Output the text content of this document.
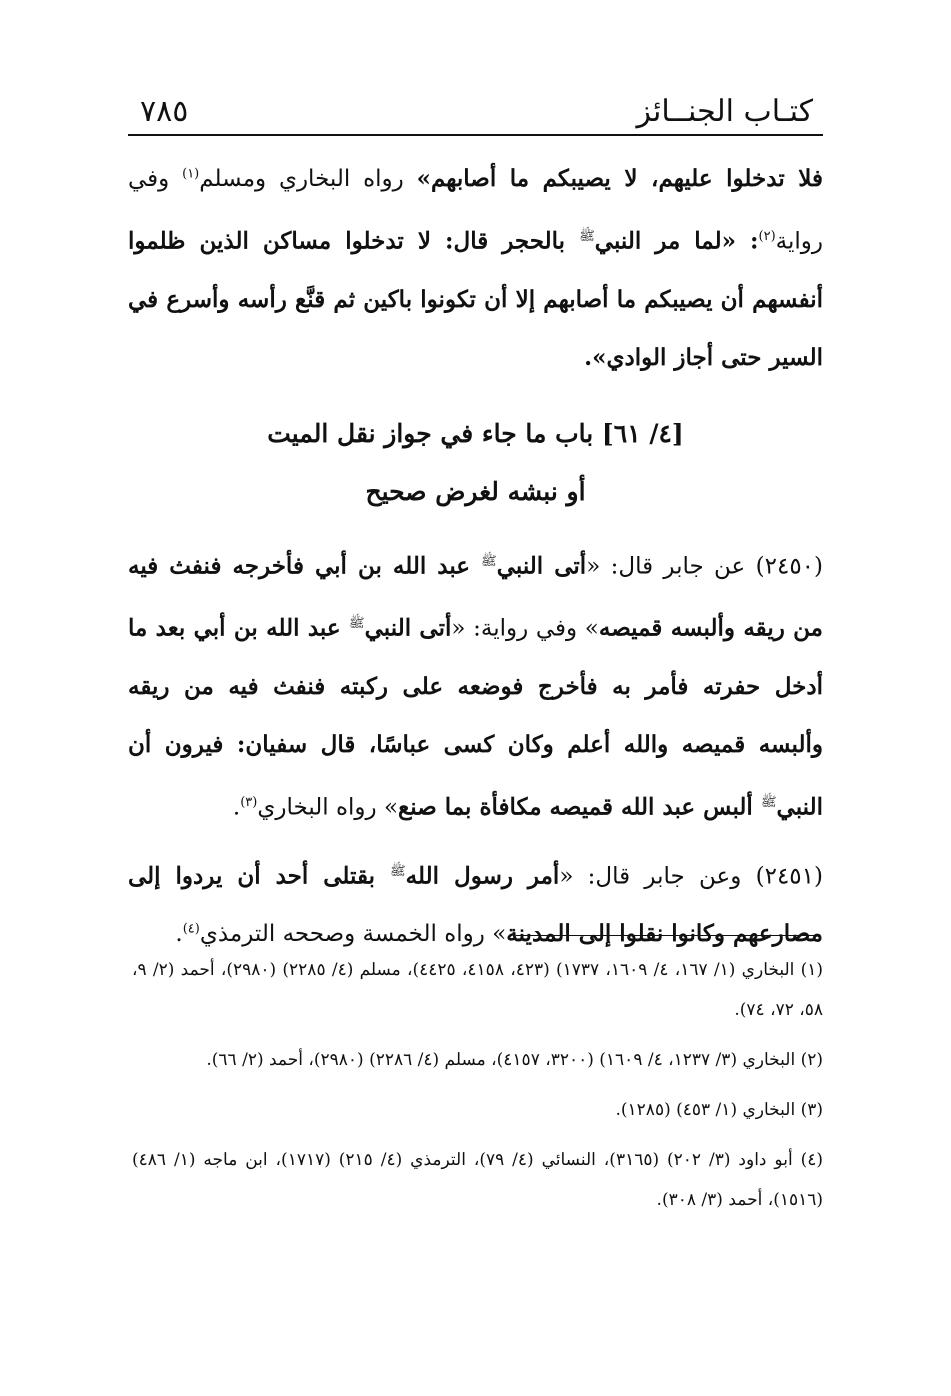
كتـاب الجنــائز
٧٨٥

فلا تدخلوا عليهم، لا يصيبكم ما أصابهم» رواه البخاري ومسلم$^{(١)}$ وفي رواية$^{(٢)}$: «لما مر النبي$^ﷺ$ بالحجر قال: لا تدخلوا مساكن الذين ظلموا أنفسهم أن يصيبكم ما أصابهم إلا أن تكونوا باكين ثم قنَّع رأسه وأسرع في السير حتى أجاز الوادي».

[٤/ ٦١] باب ما جاء في جواز نقل الميت
أو نبشه لغرض صحيح

(٢٤٥٠) عن جابر قال: «أتى النبي$^ﷺ$ عبد الله بن أبي فأخرجه فنفث فيه من ريقه وألبسه قميصه» وفي رواية: «أتى النبي$^ﷺ$ عبد الله بن أبي بعد ما أدخل حفرته فأمر به فأخرج فوضعه على ركبته فنفث فيه من ريقه وألبسه قميصه والله أعلم وكان كسى عباسًا، قال سفيان: فيرون أن النبي$^ﷺ$ ألبس عبد الله قميصه مكافأة بما صنع» رواه البخاري$^{(٣)}$.

(٢٤٥١) وعن جابر قال: «أمر رسول الله$^ﷺ$ بقتلى أحد أن يردوا إلى مصارعهم وكانوا نقلوا إلى المدينة» رواه الخمسة وصححه الترمذي$^{(٤)}$.

(١) البخاري (١/ ١٦٧، ٤/ ١٦٠٩، ١٧٣٧) (٤٢٣، ٤١٥٨، ٤٤٢٥)، مسلم (٤/ ٢٢٨٥) (٢٩٨٠)، أحمد (٢/ ٩، ٥٨، ٧٢، ٧٤).

(٢) البخاري (٣/ ١٢٣٧، ٤/ ١٦٠٩) (٣٢٠٠، ٤١٥٧)، مسلم (٤/ ٢٢٨٦) (٢٩٨٠)، أحمد (٢/ ٦٦).

(٣) البخاري (١/ ٤٥٣) (١٢٨٥).

(٤) أبو داود (٣/ ٢٠٢) (٣١٦٥)، النسائي (٤/ ٧٩)، الترمذي (٤/ ٢١٥) (١٧١٧)، ابن ماجه (١/ ٤٨٦) (١٥١٦)، أحمد (٣/ ٣٠٨).
